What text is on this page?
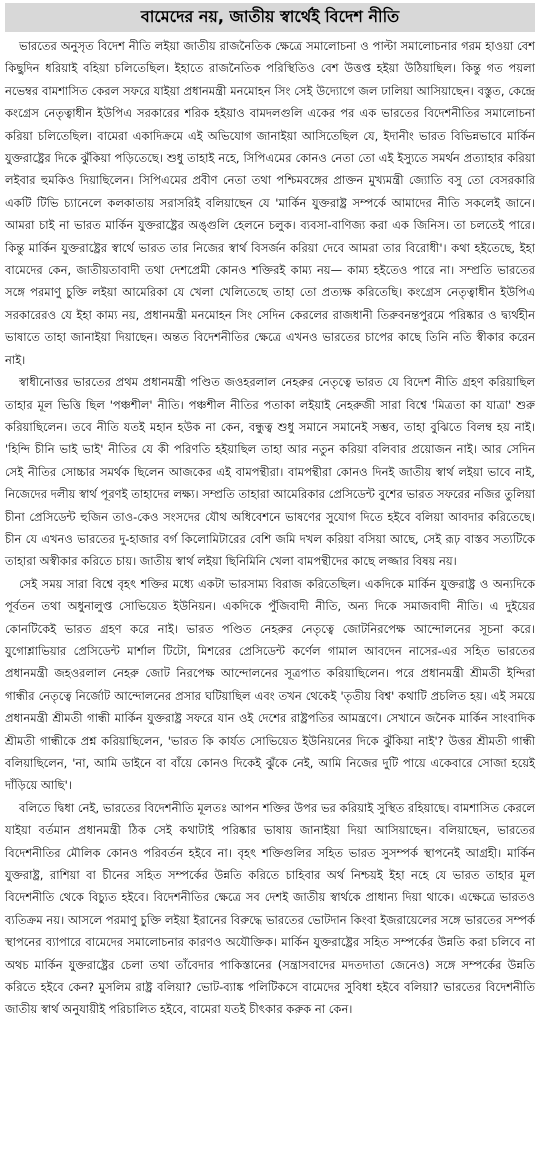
বামেদের নয়, জাতীয় স্বার্থেই বিদেশ নীতি

ভারতের অনুসৃত বিদেশ নীতি লইয়া জাতীয় রাজনৈতিক ক্ষেত্রে সমালোচনা ও পাল্টা সমালোচনার গরম হাওয়া বেশ কিছুদিন ধরিয়াই বহিয়া চলিতেছিল। ইহাতে রাজনৈতিক পরিস্থিতিও বেশ উত্তপ্ত হইয়া উঠিয়াছিল। কিন্তু গত পয়লা নভেম্বর বামশাসিত কেরল সফরে যাইয়া প্রধানমন্ত্রী মনমোহন সিং সেই উদ্যোগে জল ঢালিয়া আসিয়াছেন। বস্তুত, কেন্দ্রে কংগ্রেস নেতৃত্বাধীন ইউপিএ সরকারের শরিক হইয়াও বামদলগুলি একের পর এক ভারতের বিদেশনীতির সমালোচনা করিয়া চলিতেছিল। বামেরা একাদিক্রমে এই অভিযোগ জানাইয়া আসিতেছিল যে, ইদানীং ভারত বিভিন্নভাবে মার্কিন যুক্তরাষ্ট্রের দিকে ঝুঁকিয়া পড়িতেছে। শুধু তাহাই নহে, সিপিএমের কোনও নেতা তো এই ইস্যুতে সমর্থন প্রত্যাহার করিয়া লইবার হুমকিও দিয়াছিলেন। সিপিএমের প্রবীণ নেতা তথা পশ্চিমবঙ্গের প্রাক্তন মুখ্যমন্ত্রী জ্যোতি বসু তো বেসরকারি একটি টিভি চ্যানেলে কলকাতায় সরাসরিই বলিয়াছেন যে 'মার্কিন যুক্তরাষ্ট্র সম্পর্কে আমাদের নীতি সকলেই জানে। আমরা চাই না ভারত মার্কিন যুক্তরাষ্ট্রের অঙ্গুলি হেলনে চলুক। ব্যবসা-বাণিজ্য করা এক জিনিস। তা চলতেই পারে। কিন্তু মার্কিন যুক্তরাষ্ট্রের স্বার্থে ভারত তার নিজের স্বার্থ বিসর্জন করিয়া দেবে আমরা তার বিরোধী'। কথা হইতেছে, ইহা বামেদের কেন, জাতীয়তাবাদী তথা দেশপ্রেমী কোনও শক্তিরই কাম্য নয়— কাম্য হইতেও পারে না। সম্প্রতি ভারতের সঙ্গে পরমাণু চুক্তি লইয়া আমেরিকা যে খেলা খেলিতেছে তাহা তো প্রত্যক্ষ করিতেছি। কংগ্রেস নেতৃত্বাধীন ইউপিএ সরকারেরও যে ইহা কাম্য নয়, প্রধানমন্ত্রী মনমোহন সিং সেদিন কেরলের রাজধানী তিরুবনন্তপুরমে পরিষ্কার ও দ্ব্যর্থহীন ভাষাতে তাহা জানাইয়া দিয়াছেন। অন্তত বিদেশনীতির ক্ষেত্রে এখনও ভারতের চাপের কাছে তিনি নতি স্বীকার করেন নাই।

স্বাধীনোত্তর ভারতের প্রথম প্রধানমন্ত্রী পণ্ডিত জওহরলাল নেহরুর নেতৃত্বে ভারত যে বিদেশ নীতি গ্রহণ করিয়াছিল তাহার মূল ভিত্তি ছিল 'পঞ্চশীল' নীতি। পঞ্চশীল নীতির পতাকা লইয়াই নেহরুজী সারা বিশ্বে 'মিত্রতা কা যাত্রা' শুরু করিয়াছিলেন। তবে নীতি যতই মহান হউক না কেন, বন্ধুত্ব শুধু সমানে সমানেই সম্ভব, তাহা বুঝিতে বিলম্ব হয় নাই। 'হিন্দি চীনি ভাই ভাই' নীতির যে কী পরিণতি হইয়াছিল তাহা আর নতুন করিয়া বলিবার প্রয়োজন নাই। আর সেদিন সেই নীতির সোচ্চার সমর্থক ছিলেন আজকের এই বামপন্থীরা। বামপন্থীরা কোনও দিনই জাতীয় স্বার্থ লইয়া ভাবে নাই, নিজেদের দলীয় স্বার্থ পূরণই তাহাদের লক্ষ্য। সম্প্রতি তাহারা আমেরিকার প্রেসিডেন্ট বুশের ভারত সফরের নজির তুলিয়া চীনা প্রেসিডেন্ট হুজিন তাও-কেও সংসদের যৌথ অধিবেশনে ভাষণের সুযোগ দিতে হইবে বলিয়া আবদার করিতেছে। চীন যে এখনও ভারতের দু-হাজার বর্গ কিলোমিটারের বেশি জমি দখল করিয়া বসিয়া আছে, সেই রূঢ় বাস্তব সত্যটিকে তাহারা অস্বীকার করিতে চায়। জাতীয় স্বার্থ লইয়া ছিনিমিনি খেলা বামপন্থীদের কাছে লজ্জার বিষয় নয়।

সেই সময় সারা বিশ্বে বৃহৎ শক্তির মধ্যে একটা ভারসাম্য বিরাজ করিতেছিল। একদিকে মার্কিন যুক্তরাষ্ট্র ও অন্যদিকে পূর্বতন তথা অধুনালুপ্ত সোভিয়েত ইউনিয়ন। একদিকে পুঁজিবাদী নীতি, অন্য দিকে সমাজবাদী নীতি। এ দুইয়ের কোনটিকেই ভারত গ্রহণ করে নাই। ভারত পণ্ডিত নেহরুর নেতৃত্বে জোটনিরপেক্ষ আন্দোলনের সূচনা করে। যুগোশ্লাভিয়ার প্রেসিডেন্ট মার্শাল টিটো, মিশরের প্রেসিডেন্ট কর্ণেল গামাল আবদেন নাসের-এর সহিত ভারতের প্রধানমন্ত্রী জহওরলাল নেহরু জোট নিরপেক্ষ আন্দোলনের সূত্রপাত করিয়াছিলেন। পরে প্রধানমন্ত্রী শ্রীমতী ইন্দিরা গান্ধীর নেতৃত্বে নির্জোট আন্দোলনের প্রসার ঘটিয়াছিল এবং তখন থেকেই 'তৃতীয় বিশ্ব' কথাটি প্রচলিত হয়। এই সময়ে প্রধানমন্ত্রী শ্রীমতী গান্ধী মার্কিন যুক্তরাষ্ট্র সফরে যান ওই দেশের রাষ্ট্রপতির আমন্ত্রণে। সেখানে জনৈক মার্কিন সাংবাদিক শ্রীমতী গান্ধীকে প্রশ্ন করিয়াছিলেন, 'ভারত কি কার্যত সোভিয়েত ইউনিয়নের দিকে ঝুঁকিয়া নাই'? উত্তর শ্রীমতী গান্ধী বলিয়াছিলেন, 'না, আমি ডাইনে বা বাঁয়ে কোনও দিকেই ঝুঁকে নেই, আমি নিজের দুটি পায়ে একেবারে সোজা হয়েই দাঁড়িয়ে আছি'।

বলিতে দ্বিধা নেই, ভারতের বিদেশনীতি মূলতঃ আপন শক্তির উপর ভর করিয়াই সুস্থিত রহিয়াছে। বামশাসিত কেরলে যাইয়া বর্তমান প্রধানমন্ত্রী ঠিক সেই কথাটাই পরিষ্কার ভাষায় জানাইয়া দিয়া আসিয়াছেন। বলিয়াছেন, ভারতের বিদেশনীতির মৌলিক কোনও পরিবর্তন হইবে না। বৃহৎ শক্তিগুলির সহিত ভারত সুসম্পর্ক স্থাপনেই আগ্রহী। মার্কিন যুক্তরাষ্ট্র, রাশিয়া বা চীনের সহিত সম্পর্কের উন্নতি করিতে চাহিবার অর্থ নিশ্চয়ই ইহা নহে যে ভারত তাহার মূল বিদেশনীতি থেকে বিচ্যুত হইবে। বিদেশনীতির ক্ষেত্রে সব দেশই জাতীয় স্বার্থকে প্রাধান্য দিয়া থাকে। এক্ষেত্রে ভারতও ব্যতিক্রম নয়। আসলে পরমাণু চুক্তি লইয়া ইরানের বিরুদ্ধে ভারতের ভোটদান কিংবা ইজরায়েলের সঙ্গে ভারতের সম্পর্ক স্থাপনের ব্যাপারে বামেদের সমালোচনার কারণও অযৌক্তিক। মার্কিন যুক্তরাষ্ট্রের সহিত সম্পর্কের উন্নতি করা চলিবে না অথচ মার্কিন যুক্তরাষ্ট্রের চেলা তথা তাঁবেদার পাকিস্তানের (সন্ত্রাসবাদের মদতদাতা জেনেও) সঙ্গে সম্পর্কের উন্নতি করিতে হইবে কেন? মুসলিম রাষ্ট্র বলিয়া? ভোট-ব্যাঙ্ক পলিটিকসে বামেদের সুবিধা হইবে বলিয়া? ভারতের বিদেশনীতি জাতীয় স্বার্থ অনুযায়ীই পরিচালিত হইবে, বামেরা যতই চীৎকার করুক না কেন।
